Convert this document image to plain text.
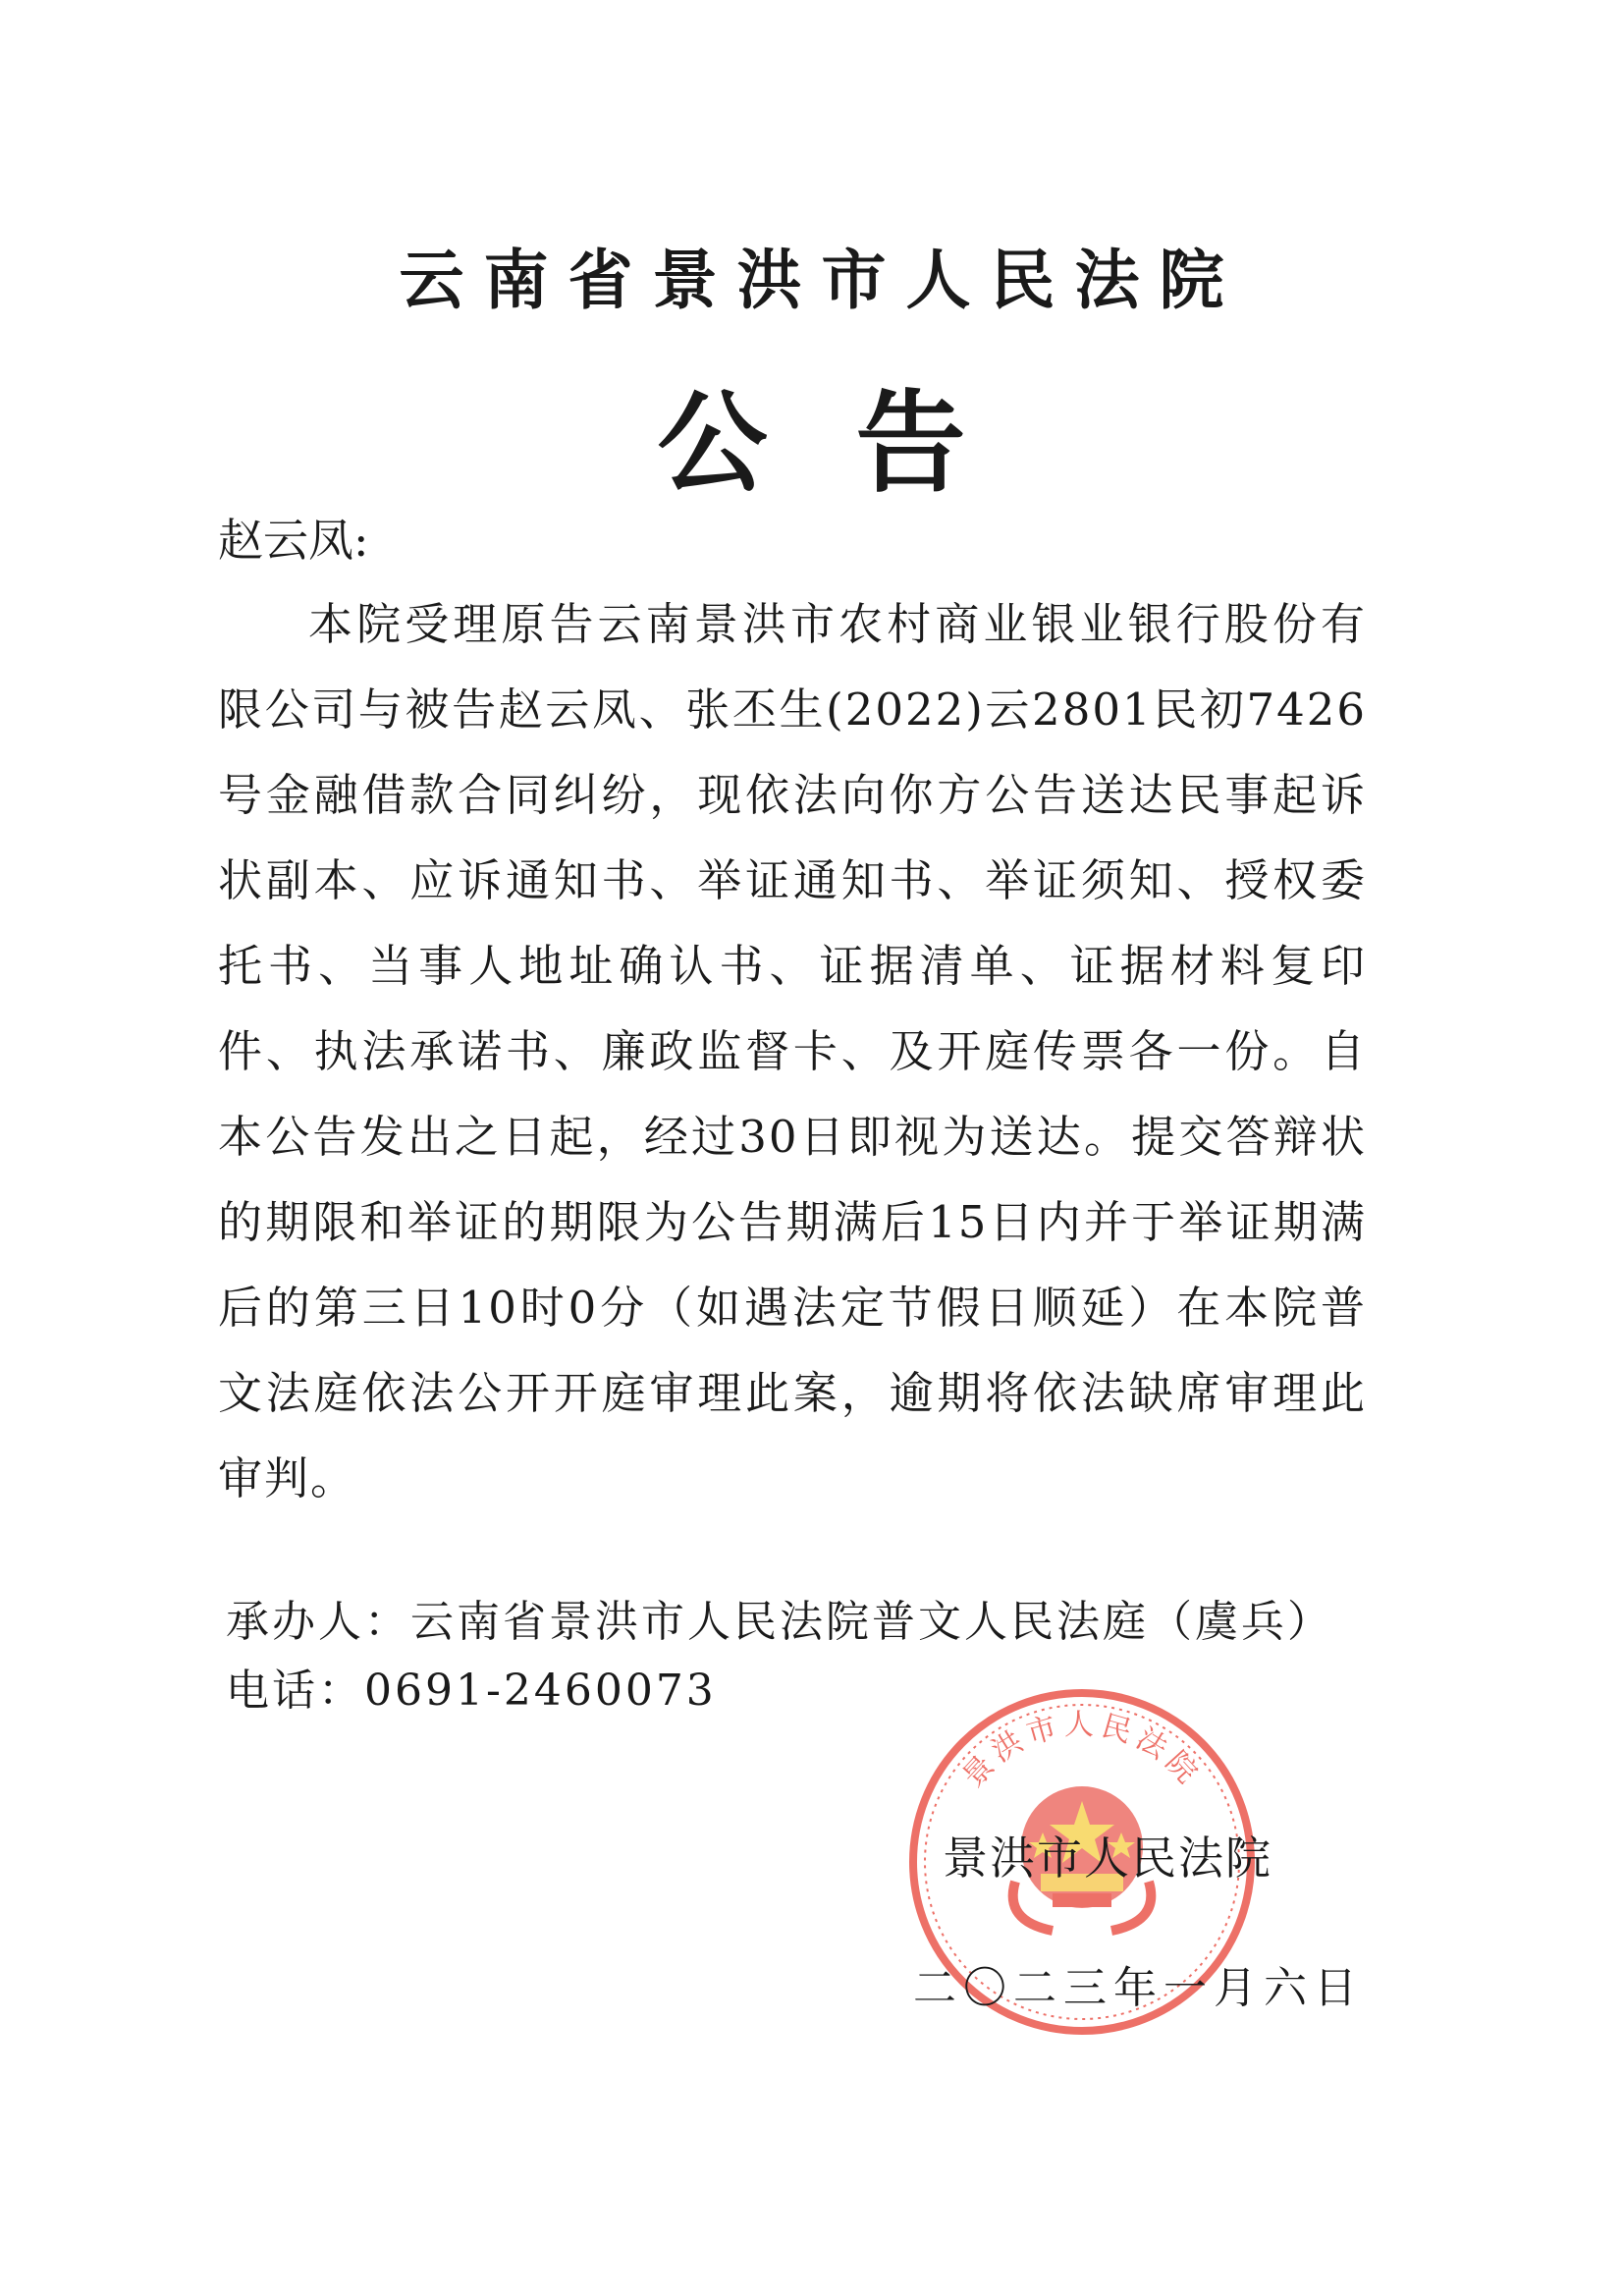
云南省景洪市人民法院
公告
赵云凤:

本院受理原告云南景洪市农村商业银业银行股份有限公司与被告赵云凤、张丕生(2022)云2801民初7426号金融借款合同纠纷，现依法向你方公告送达民事起诉状副本、应诉通知书、举证通知书、举证须知、授权委托书、当事人地址确认书、证据清单、证据材料复印件、执法承诺书、廉政监督卡、及开庭传票各一份。自本公告发出之日起，经过30日即视为送达。提交答辩状的期限和举证的期限为公告期满后15日内并于举证期满后的第三日10时0分（如遇法定节假日顺延）在本院普文法庭依法公开开庭审理此案，逾期将依法缺席审理此审判。

承办人：云南省景洪市人民法院普文人民法庭（虞兵）
电话：0691-2460073
景洪市人民法院
景洪市人民法院
二〇二三年一月六日
